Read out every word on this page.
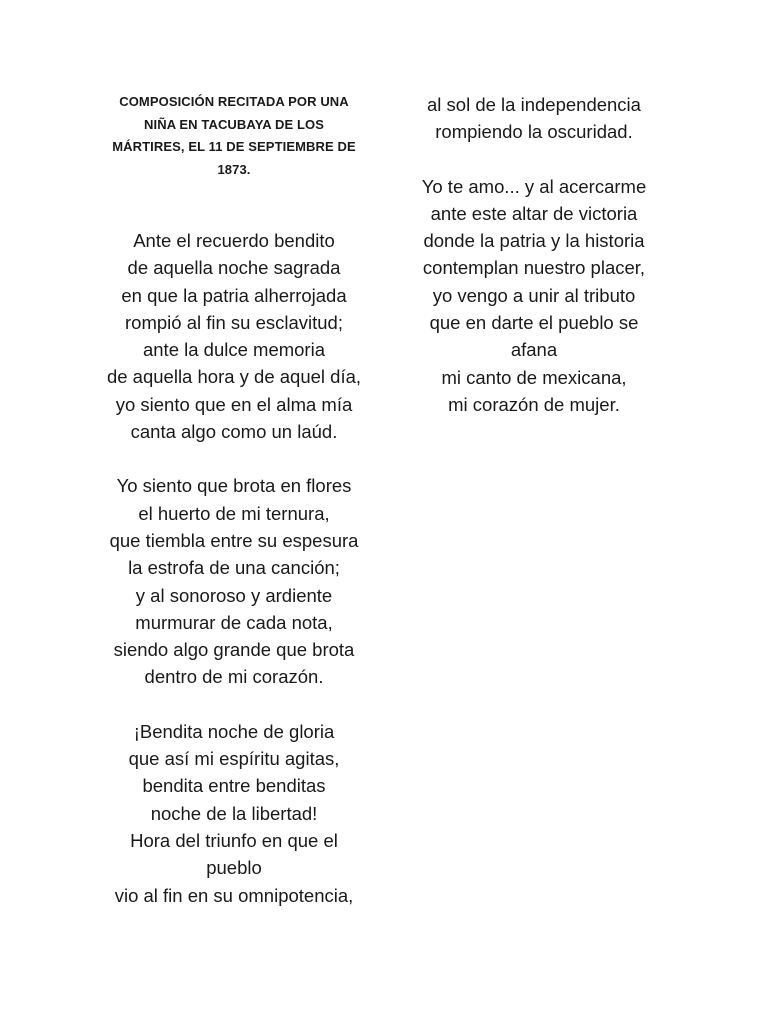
COMPOSICIÓN RECITADA POR UNA
NIÑA EN TACUBAYA DE LOS
MÁRTIRES, EL 11 DE SEPTIEMBRE DE
1873.

Ante el recuerdo bendito
de aquella noche sagrada
en que la patria alherrojada
rompió al fin su esclavitud;
ante la dulce memoria
de aquella hora y de aquel día,
yo siento que en el alma mía
canta algo como un laúd.

Yo siento que brota en flores
el huerto de mi ternura,
que tiembla entre su espesura
la estrofa de una canción;
y al sonoroso y ardiente
murmurar de cada nota,
siendo algo grande que brota
dentro de mi corazón.

¡Bendita noche de gloria
que así mi espíritu agitas,
bendita entre benditas
noche de la libertad!
Hora del triunfo en que el
pueblo
vio al fin en su omnipotencia,

al sol de la independencia
rompiendo la oscuridad.

Yo te amo... y al acercarme
ante este altar de victoria
donde la patria y la historia
contemplan nuestro placer,
yo vengo a unir al tributo
que en darte el pueblo se
afana
mi canto de mexicana,
mi corazón de mujer.
